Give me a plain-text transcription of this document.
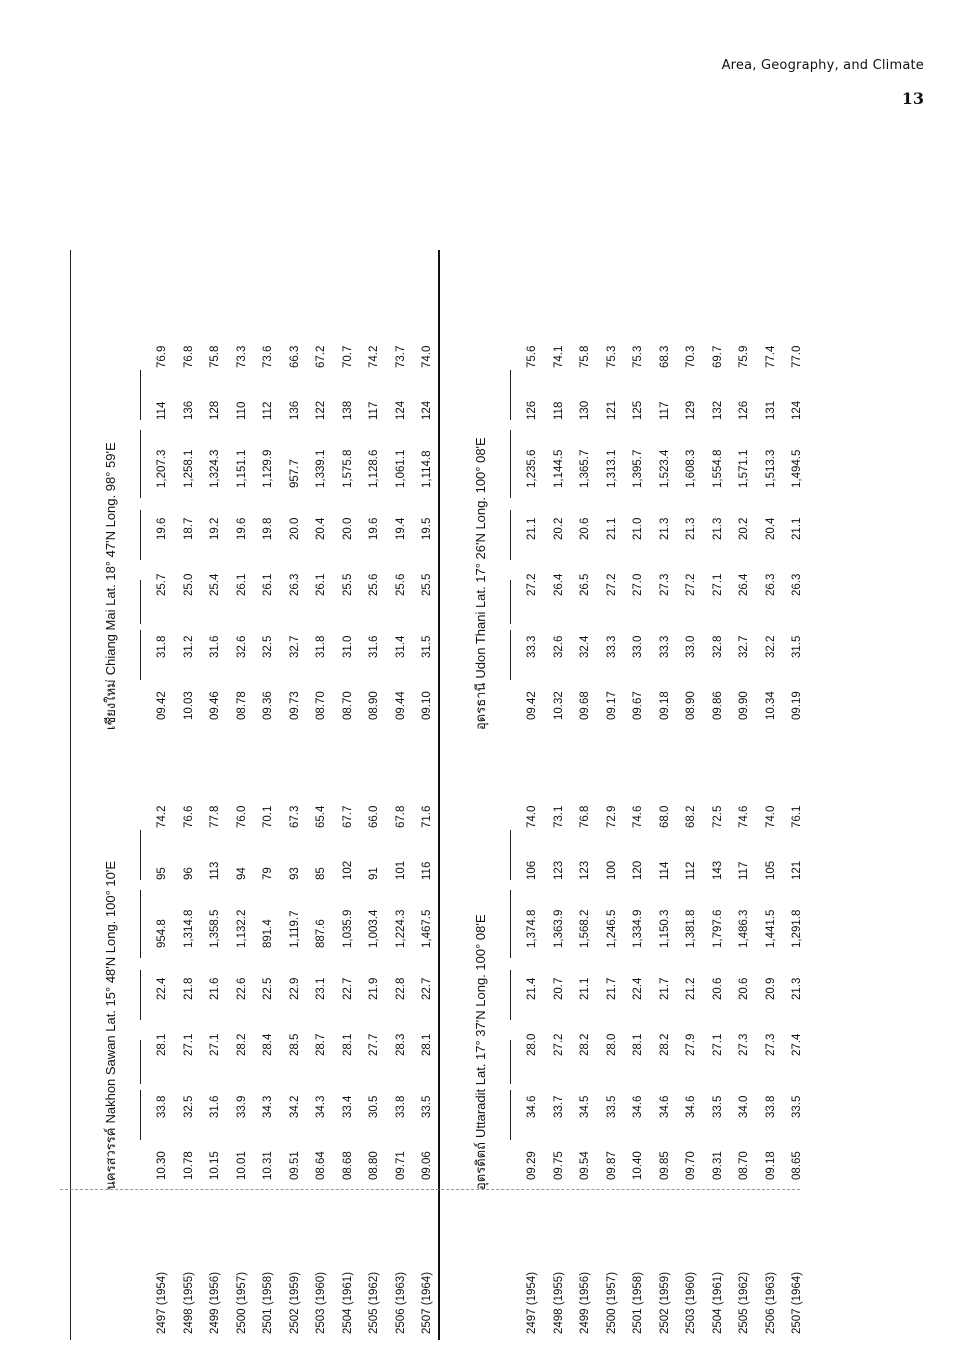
Area, Geography, and Climate
13
2497 (1954) 2498 (1955) 2499 (1956) 2500 (1957) 2501 (1958) 2502 (1959) 2503 (1960) 2504 (1961) 2505 (1962) 2506 (1963) 2507 (1964)	2497 (1954) 2498 (1955) 2499 (1956) 2500 (1957) 2501 (1958) 2502 (1959) 2503 (1960) 2504 (1961) 2505 (1962) 2506 (1963) 2507 (1964)
นครสวรรค์Nakhon Sawan Lat. 15° 48'N Long. 100° 10'E
10.30
33.8
28.1
22.4
954.8
95
74.2
10.78
32.5
27.1
21.8
1,314.8
96
76.6
10.15
31.6
27.1
21.6
1,358.5
113
77.8
10.01
33.9
28.2
22.6
1,132.2
94
76.0
10.31
34.3
28.4
22.5
891.4
79
70.1
09.51
34.2
28.5
22.9
1,119.7
93
67.3
08.64
34.3
28.7
23.1
887.6
85
65.4
08.68
33.4
28.1
22.7
1,035.9
102
67.7
08.80
30.5
27.7
21.9
1,003.4
91
66.0
09.71
33.8
28.3
22.8
1,224.3
101
67.8
09.06
33.5
28.1
22.7
1,467.5
116
71.6
เชียงใหม่Chiang Mai Lat. 18° 47'N Long. 98° 59'E
09.42
31.8
25.7
19.6
1,207.3
114
76.9
10.03
31.2
25.0
18.7
1,258.1
136
76.8
09.46
31.6
25.4
19.2
1,324.3
128
75.8
08.78
32.6
26.1
19.6
1,151.1
110
73.3
09.36
32.5
26.1
19.8
1,129.9
112
73.6
09.73
32.7
26.3
20.0
957.7
136
66.3
08.70
31.8
26.1
20.4
1,339.1
122
67.2
08.70
31.0
25.5
20.0
1,575.8
138
70.7
08.90
31.6
25.6
19.6
1,128.6
117
74.2
09.44
31.4
25.6
19.4
1,061.1
124
73.7
09.10
31.5
25.5
19.5
1,114.8
124
74.0
อุตรดิตถ์Uttaradit Lat. 17° 37'N Long. 100° 08'E
09.29
34.6
28.0
21.4
1,374.8
106
74.0
09.75
33.7
27.2
20.7
1,363.9
123
73.1
09.54
34.5
28.2
21.1
1,568.2
123
76.8
09.87
33.5
28.0
21.7
1,246.5
100
72.9
10.40
34.6
28.1
22.4
1,334.9
120
74.6
09.85
34.6
28.2
21.7
1,150.3
114
68.0
09.70
34.6
27.9
21.2
1,381.8
112
68.2
09.31
33.5
27.1
20.6
1,797.6
143
72.5
08.70
34.0
27.3
20.6
1,486.3
117
74.6
09.18
33.8
27.3
20.9
1,441.5
105
74.0
08.65
33.5
27.4
21.3
1,291.8
121
76.1
อุดรธานีUdon Thani Lat. 17° 26'N Long. 100° 08'E
09.42
33.3
27.2
21.1
1,235.6
126
75.6
10.32
32.6
26.4
20.2
1,144.5
118
74.1
09.68
32.4
26.5
20.6
1,365.7
130
75.8
09.17
33.3
27.2
21.1
1,313.1
121
75.3
09.67
33.0
27.0
21.0
1,395.7
125
75.3
09.18
33.3
27.3
21.3
1,523.4
117
68.3
08.90
33.0
27.2
21.3
1,608.3
129
70.3
09.86
32.8
27.1
21.3
1,554.8
132
69.7
09.90
32.7
26.4
20.2
1,571.1
126
75.9
10.34
32.2
26.3
20.4
1,513.3
131
77.4
09.19
31.5
26.3
21.1
1,494.5
124
77.0
